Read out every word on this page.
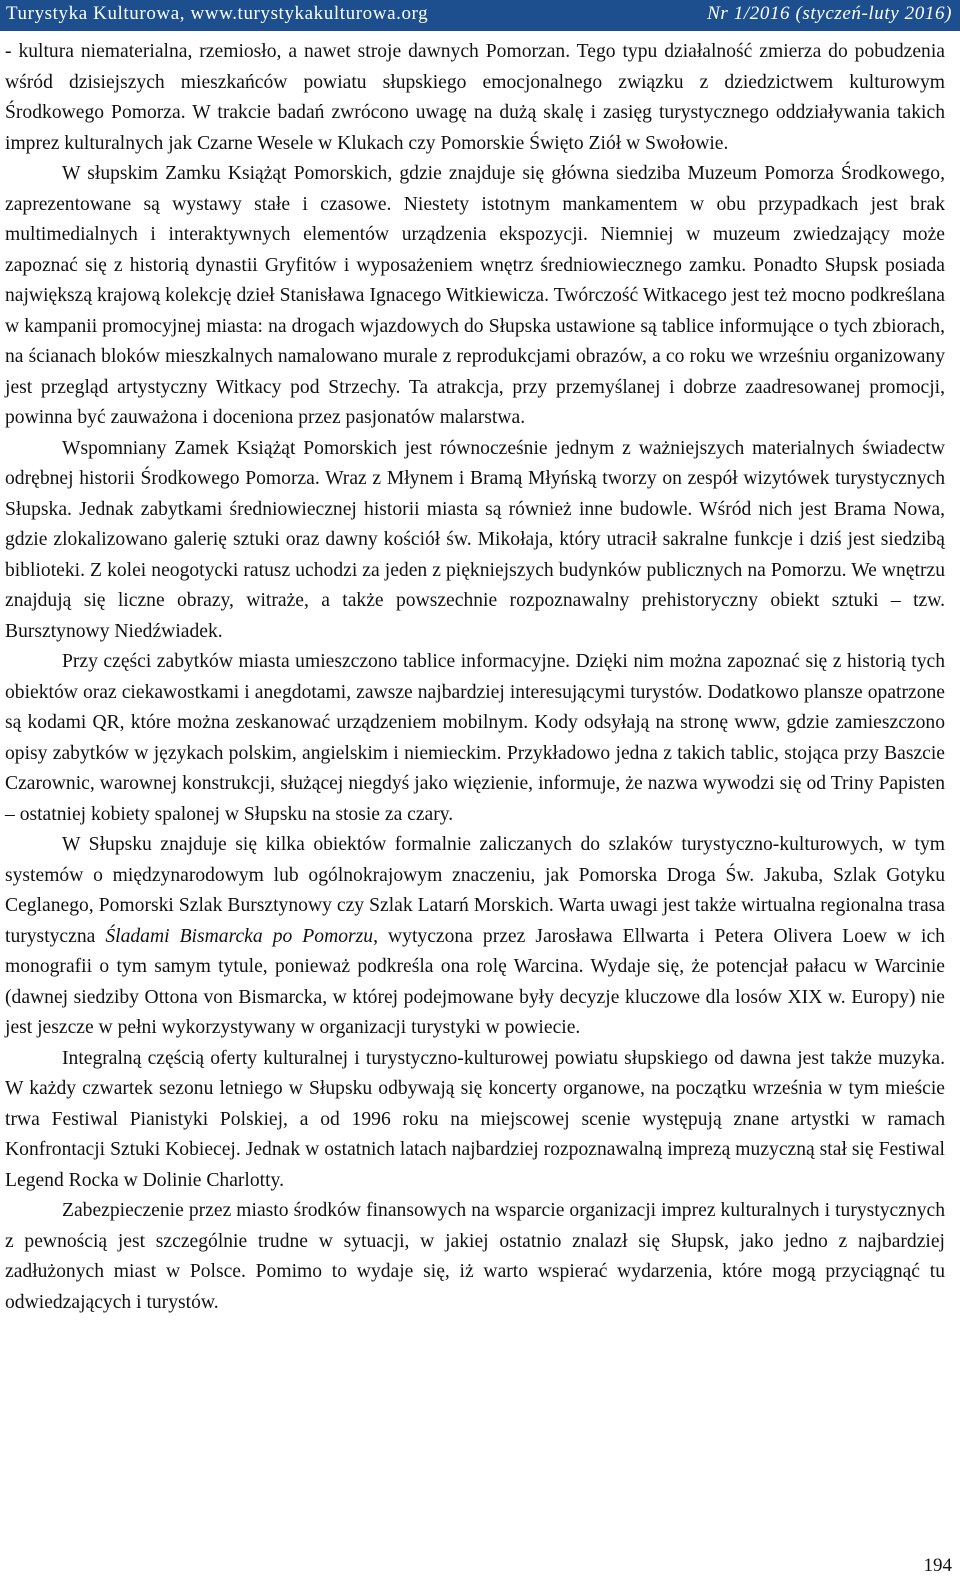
Turystyka Kulturowa, www.turystykakulturowa.org	Nr 1/2016 (styczeń-luty 2016)

- kultura niematerialna, rzemiosło, a nawet stroje dawnych Pomorzan. Tego typu działalność zmierza do pobudzenia wśród dzisiejszych mieszkańców powiatu słupskiego emocjonalnego związku z dziedzictwem kulturowym Środkowego Pomorza. W trakcie badań zwrócono uwagę na dużą skalę i zasięg turystycznego oddziaływania takich imprez kulturalnych jak Czarne Wesele w Klukach czy Pomorskie Święto Ziół w Swołowie.

W słupskim Zamku Książąt Pomorskich, gdzie znajduje się główna siedziba Muzeum Pomorza Środkowego, zaprezentowane są wystawy stałe i czasowe. Niestety istotnym mankamentem w obu przypadkach jest brak multimedialnych i interaktywnych elementów urządzenia ekspozycji. Niemniej w muzeum zwiedzający może zapoznać się z historią dynastii Gryfitów i wyposażeniem wnętrz średniowiecznego zamku. Ponadto Słupsk posiada największą krajową kolekcję dzieł Stanisława Ignacego Witkiewicza. Twórczość Witkacego jest też mocno podkreślana w kampanii promocyjnej miasta: na drogach wjazdowych do Słupska ustawione są tablice informujące o tych zbiorach, na ścianach bloków mieszkalnych namalowano murale z reprodukcjami obrazów, a co roku we wrześniu organizowany jest przegląd artystyczny Witkacy pod Strzechy. Ta atrakcja, przy przemyślanej i dobrze zaadresowanej promocji, powinna być zauważona i doceniona przez pasjonatów malarstwa.

Wspomniany Zamek Książąt Pomorskich jest równocześnie jednym z ważniejszych materialnych świadectw odrębnej historii Środkowego Pomorza. Wraz z Młynem i Bramą Młyńską tworzy on zespół wizytówek turystycznych Słupska. Jednak zabytkami średniowiecznej historii miasta są również inne budowle. Wśród nich jest Brama Nowa, gdzie zlokalizowano galerię sztuki oraz dawny kościół św. Mikołaja, który utracił sakralne funkcje i dziś jest siedzibą biblioteki. Z kolei neogotycki ratusz uchodzi za jeden z piękniejszych budynków publicznych na Pomorzu. We wnętrzu znajdują się liczne obrazy, witraże, a także powszechnie rozpoznawalny prehistoryczny obiekt sztuki – tzw. Bursztynowy Niedźwiadek.

Przy części zabytków miasta umieszczono tablice informacyjne. Dzięki nim można zapoznać się z historią tych obiektów oraz ciekawostkami i anegdotami, zawsze najbardziej interesującymi turystów. Dodatkowo plansze opatrzone są kodami QR, które można zeskanować urządzeniem mobilnym. Kody odsyłają na stronę www, gdzie zamieszczono opisy zabytków w językach polskim, angielskim i niemieckim. Przykładowo jedna z takich tablic, stojąca przy Baszcie Czarownic, warownej konstrukcji, służącej niegdyś jako więzienie, informuje, że nazwa wywodzi się od Triny Papisten – ostatniej kobiety spalonej w Słupsku na stosie za czary.

W Słupsku znajduje się kilka obiektów formalnie zaliczanych do szlaków turystyczno-kulturowych, w tym systemów o międzynarodowym lub ogólnokrajowym znaczeniu, jak Pomorska Droga Św. Jakuba, Szlak Gotyku Ceglanego, Pomorski Szlak Bursztynowy czy Szlak Latarń Morskich. Warta uwagi jest także wirtualna regionalna trasa turystyczna Śladami Bismarcka po Pomorzu, wytyczona przez Jarosława Ellwarta i Petera Olivera Loew w ich monografii o tym samym tytule, ponieważ podkreśla ona rolę Warcina. Wydaje się, że potencjał pałacu w Warcinie (dawnej siedziby Ottona von Bismarcka, w której podejmowane były decyzje kluczowe dla losów XIX w. Europy) nie jest jeszcze w pełni wykorzystywany w organizacji turystyki w powiecie.

Integralną częścią oferty kulturalnej i turystyczno-kulturowej powiatu słupskiego od dawna jest także muzyka. W każdy czwartek sezonu letniego w Słupsku odbywają się koncerty organowe, na początku września w tym mieście trwa Festiwal Pianistyki Polskiej, a od 1996 roku na miejscowej scenie występują znane artystki w ramach Konfrontacji Sztuki Kobiecej. Jednak w ostatnich latach najbardziej rozpoznawalną imprezą muzyczną stał się Festiwal Legend Rocka w Dolinie Charlotty.

Zabezpieczenie przez miasto środków finansowych na wsparcie organizacji imprez kulturalnych i turystycznych z pewnością jest szczególnie trudne w sytuacji, w jakiej ostatnio znalazł się Słupsk, jako jedno z najbardziej zadłużonych miast w Polsce. Pomimo to wydaje się, iż warto wspierać wydarzenia, które mogą przyciągnąć tu odwiedzających i turystów.

194
